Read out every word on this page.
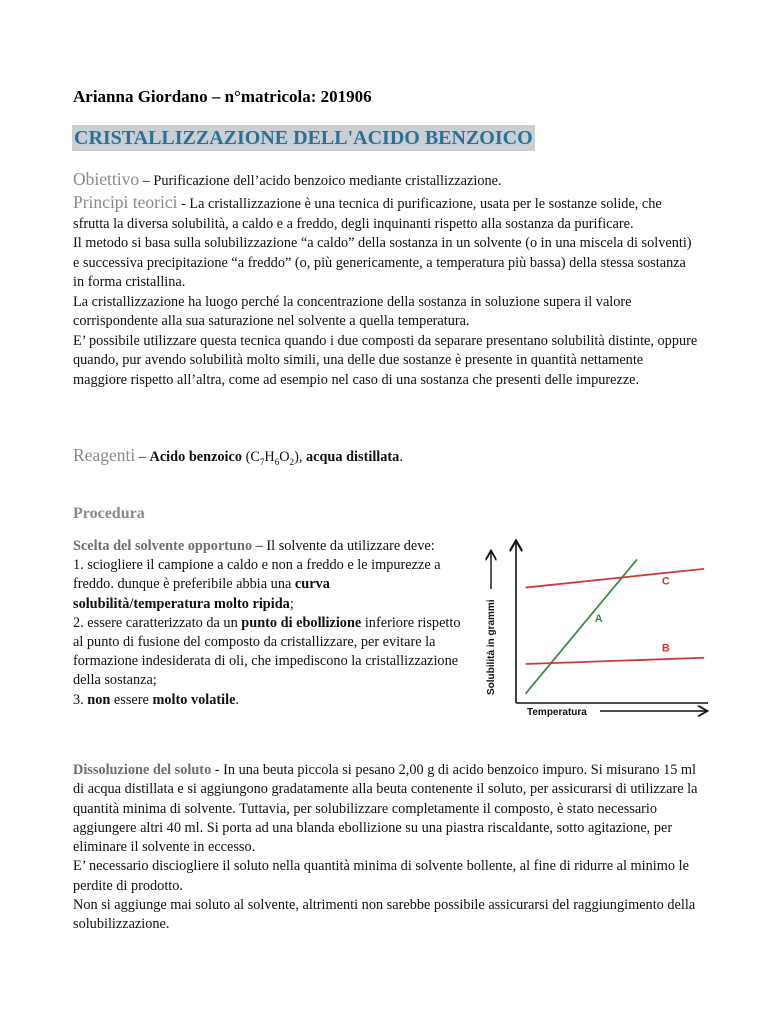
Arianna Giordano – n°matricola: 201906
CRISTALLIZZAZIONE DELL'ACIDO BENZOICO
Obiettivo – Purificazione dell’acido benzoico mediante cristallizzazione.

Principi teorici - La cristallizzazione è una tecnica di purificazione, usata per le sostanze solide, che sfrutta la diversa solubilità, a caldo e a freddo, degli inquinanti rispetto alla sostanza da purificare.

Il metodo si basa sulla solubilizzazione “a caldo” della sostanza in un solvente (o in una miscela di solventi) e successiva precipitazione “a freddo” (o, più genericamente, a temperatura più bassa) della stessa sostanza in forma cristallina.

La cristallizzazione ha luogo perché la concentrazione della sostanza in soluzione supera il valore corrispondente alla sua saturazione nel solvente a quella temperatura.

E’ possibile utilizzare questa tecnica quando i due composti da separare presentano solubilità distinte, oppure quando, pur avendo solubilità molto simili, una delle due sostanze è presente in quantità nettamente maggiore rispetto all’altra, come ad esempio nel caso di una sostanza che presenti delle impurezze.

Reagenti – Acido benzoico $(C_7H_6O_2)$, acqua distillata.
Procedura

Scelta del solvente opportuno – Il solvente da utilizzare deve:

1. sciogliere il campione a caldo e non a freddo e le impurezze a freddo. dunque è preferibile abbia una curva solubilità/temperatura molto ripida;

2. essere caratterizzato da un punto di ebollizione inferiore rispetto al punto di fusione del composto da cristallizzare, per evitare la formazione indesiderata di oli, che impediscono la cristallizzazione della sostanza;

3. non essere molto volatile.

Temperatura
Solubilità in grammi	A
B
C

Dissoluzione del soluto - In una beuta piccola si pesano 2,00 g di acido benzoico impuro. Si misurano 15 ml di acqua distillata e si aggiungono gradatamente alla beuta contenente il soluto, per assicurarsi di utilizzare la quantità minima di solvente. Tuttavia, per solubilizzare completamente il composto, è stato necessario aggiungere altri 40 ml. Si porta ad una blanda ebollizione su una piastra riscaldante, sotto agitazione, per eliminare il solvente in eccesso.

E’ necessario disciogliere il soluto nella quantità minima di solvente bollente, al fine di ridurre al minimo le perdite di prodotto.

Non si aggiunge mai soluto al solvente, altrimenti non sarebbe possibile assicurarsi del raggiungimento della solubilizzazione.
